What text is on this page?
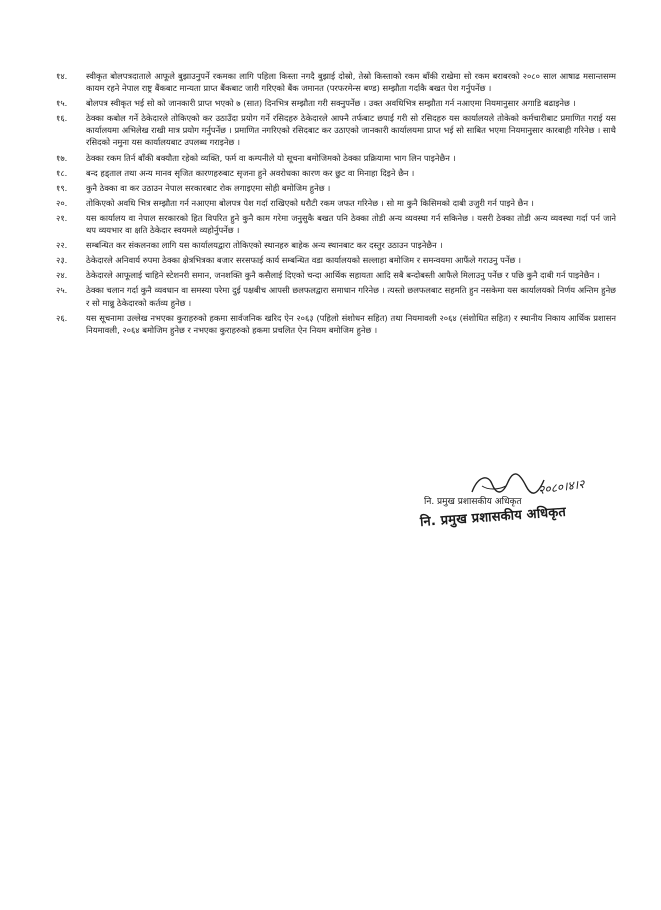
१४.	स्वीकृत बोलपत्रदाताले आफूले बुझाउनुपर्ने रकमका लागि पहिला किस्ता नगदै बुझाई दोस्रो, तेस्रो किस्ताको रकम बाँकी राखेमा सो रकम बराबरको २०८० साल आषाढ मसान्तसम्म कायम रहने नेपाल राष्ट्र बैंकबाट मान्यता प्राप्त बैंकबाट जारी गरिएको बैंक जमानत (परफरमेन्स बण्ड) सम्झौता गर्दाकै बखत पेश गर्नुपर्नेछ ।
१५.	बोलपत्र स्वीकृत भई सो को जानकारी प्राप्त भएको ७ (सात) दिनभित्र सम्झौता गरी सक्नुपर्नेछ । उक्त अवधिभित्र सम्झौता गर्न नआएमा नियमानुसार अगाडि बढाइनेछ ।
१६.	ठेक्का कबोल गर्ने ठेकेदारले तोकिएको कर उठाउँदा प्रयोग गर्ने रसिदहरु ठेकेदारले आफ्नै तर्फबाट छपाई गरी सो रसिदहरु यस कार्यालयले तोकेको कर्मचारीबाट प्रमाणित गराई यस कार्यालयमा अभिलेख राखी मात्र प्रयोग गर्नुपर्नेछ । प्रमाणित नगरिएको रसिदबाट कर उठाएको जानकारी कार्यालयमा प्राप्त भई सो साबित भएमा नियमानुसार कारबाही गरिनेछ । साथै रसिदको नमुना यस कार्यालयबाट उपलब्ध गराइनेछ ।
१७.	ठेक्का रकम तिर्न बाँकी बक्यौता रहेको व्यक्ति, फर्म वा कम्पनीले यो सूचना बमोजिमको ठेक्का प्रक्रियामा भाग लिन पाइनेछैन ।
१८.	बन्द हड्ताल तथा अन्य मानव सृजित कारणहरुबाट सृजना हुने अवरोधका कारण कर छुट वा मिनाहा दिइने छैन ।
१९.	कुनै ठेक्का वा कर उठाउन नेपाल सरकारबाट रोक लगाइएमा सोही बमोजिम हुनेछ ।
२०.	तोकिएको अवधि भित्र सम्झौता गर्न नआएमा बोलपत्र पेश गर्दा राखिएको धरौटी रकम जफत गरिनेछ । सो मा कुनै किसिमको दाबी उजुरी गर्न पाइने छैन ।
२१.	यस कार्यालय वा नेपाल सरकारको हित विपरित हुने कुनै काम गरेमा जनुसुकै बखत पनि ठेक्का तोडी अन्य व्यवस्था गर्न सकिनेछ । यसरी ठेक्का तोडी अन्य व्यवस्था गर्दा पर्न जाने थप व्ययभार वा क्षति ठेकेदार स्वयमले व्यहोर्नुपर्नेछ ।
२२.	सम्बन्धित कर संकलनका लागि यस कार्यालयद्वारा तोकिएको स्थानहरु बाहेक अन्य स्थानबाट कर दस्तुर उठाउन पाइनेछैन ।
२३.	ठेकेदारले अनिवार्य रुपमा ठेक्का क्षेत्रभित्रका बजार सरसफाई कार्य सम्बन्धित वडा कार्यालयको सल्लाहा बमोजिम र समन्वयमा आफैंले गराउनु पर्नेछ ।
२४.	ठेकेदारले आफूलाई चाहिने स्टेशनरी समान, जनशक्ति कुनै कसैलाई दिएको चन्दा आर्थिक सहायता आदि सबै बन्दोबस्ती आफैले मिलाउनु पर्नेछ र पछि कुनै दाबी गर्न पाइनेछैन ।
२५.	ठेक्का चलान गर्दा कुनै व्यवधान वा समस्या परेमा दुई पक्षबीच आपसी छलफलद्वारा समाधान गरिनेछ । त्यस्तो छलफलबाट सहमति हुन नसकेमा यस कार्यालयको निर्णय अन्तिम हुनेछ र सो मान्नु ठेकेदारको कर्तव्य हुनेछ ।
२६.	यस सूचनामा उल्लेख नभएका कुराहरुको हकमा सार्वजनिक खरिद ऐन २०६३ (पहिलो संशोधन सहित) तथा नियमावली २०६४ (संशोधित सहित) र स्थानीय निकाय आर्थिक प्रशासन नियमावली, २०६४ बमोजिम हुनेछ र नभएका कुराहरुको हकमा प्रचलित ऐन नियम बमोजिम हुनेछ ।
२०८०।४।२
नि. प्रमुख प्रशासकीय अधिकृत
नि. प्रमुख प्रशासकीय अधिकृत
